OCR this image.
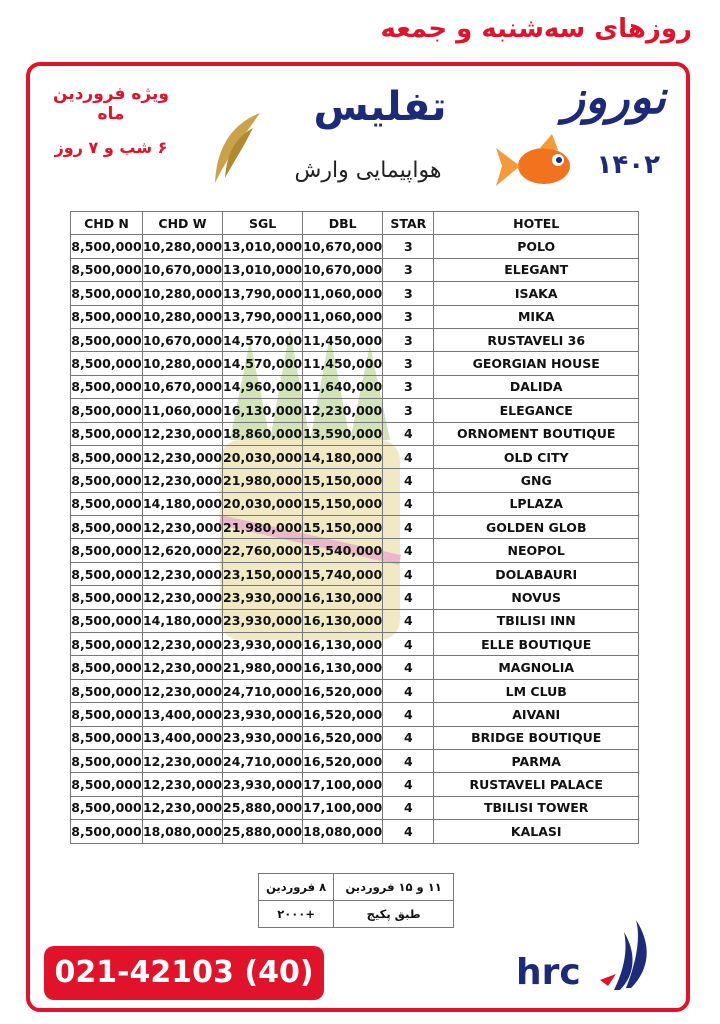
روزهای سه‌شنبه و جمعه
ویژه فروردین ماه
۶ شب و ۷ روز
تفلیس
هواپیمایی وارش
نوروز
۱۴۰۲
CHD N	CHD W	SGL	DBL	STAR	HOTEL
8,500,000	10,280,000	13,010,000	10,670,000	3	POLO
8,500,000	10,670,000	13,010,000	10,670,000	3	ELEGANT
8,500,000	10,280,000	13,790,000	11,060,000	3	ISAKA
8,500,000	10,280,000	13,790,000	11,060,000	3	MIKA
8,500,000	10,670,000	14,570,000	11,450,000	3	RUSTAVELI 36
8,500,000	10,280,000	14,570,000	11,450,000	3	GEORGIAN HOUSE
8,500,000	10,670,000	14,960,000	11,640,000	3	DALIDA
8,500,000	11,060,000	16,130,000	12,230,000	3	ELEGANCE
8,500,000	12,230,000	18,860,000	13,590,000	4	ORNOMENT BOUTIQUE
8,500,000	12,230,000	20,030,000	14,180,000	4	OLD CITY
8,500,000	12,230,000	21,980,000	15,150,000	4	GNG
8,500,000	14,180,000	20,030,000	15,150,000	4	LPLAZA
8,500,000	12,230,000	21,980,000	15,150,000	4	GOLDEN GLOB
8,500,000	12,620,000	22,760,000	15,540,000	4	NEOPOL
8,500,000	12,230,000	23,150,000	15,740,000	4	DOLABAURI
8,500,000	12,230,000	23,930,000	16,130,000	4	NOVUS
8,500,000	14,180,000	23,930,000	16,130,000	4	TBILISI INN
8,500,000	12,230,000	23,930,000	16,130,000	4	ELLE BOUTIQUE
8,500,000	12,230,000	21,980,000	16,130,000	4	MAGNOLIA
8,500,000	12,230,000	24,710,000	16,520,000	4	LM CLUB
8,500,000	13,400,000	23,930,000	16,520,000	4	AIVANI
8,500,000	13,400,000	23,930,000	16,520,000	4	BRIDGE BOUTIQUE
8,500,000	12,230,000	24,710,000	16,520,000	4	PARMA
8,500,000	12,230,000	23,930,000	17,100,000	4	RUSTAVELI PALACE
8,500,000	12,230,000	25,880,000	17,100,000	4	TBILISI TOWER
8,500,000	18,080,000	25,880,000	18,080,000	4	KALASI
۱۱ و ۱۵ فروردین	۸ فروردین
طبق پکیج	+۲۰۰۰
021-42103 (40)	hrc
